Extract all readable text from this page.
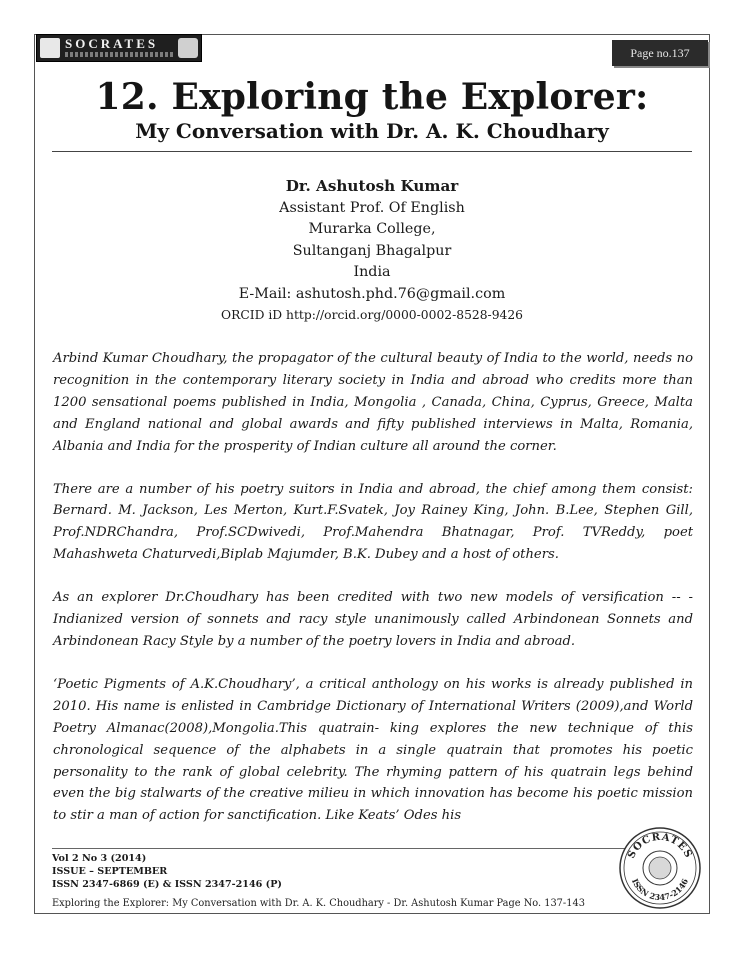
SOCRATES
Page no.137
12. Exploring the Explorer:
My Conversation with Dr. A. K. Choudhary
Dr. Ashutosh Kumar
Assistant Prof. Of English
Murarka College,
Sultanganj Bhagalpur
India
E-Mail: ashutosh.phd.76@gmail.com
ORCID iD http://orcid.org/0000-0002-8528-9426

Arbind Kumar Choudhary, the propagator of the cultural beauty of India to the world, needs no recognition in the contemporary literary society in India and abroad who credits more than 1200 sensational poems published in India, Mongolia , Canada, China, Cyprus, Greece, Malta and England national and global awards and fifty published interviews in Malta, Romania, Albania and India for the prosperity of Indian culture all around the corner.

There are a number of his poetry suitors in India and abroad, the chief among them consist: Bernard. M. Jackson, Les Merton, Kurt.F.Svatek, Joy Rainey King, John. B.Lee, Stephen Gill, Prof.NDRChandra, Prof.SCDwivedi, Prof.Mahendra Bhatnagar, Prof. TVReddy, poet Mahashweta Chaturvedi,Biplab Majumder, B.K. Dubey and a host of others.

As an explorer Dr.Choudhary has been credited with two new models of versification -- - Indianized version of sonnets and racy style unanimously called Arbindonean Sonnets and Arbindonean Racy Style by a number of the poetry lovers in India and abroad.

‘Poetic Pigments of A.K.Choudhary’, a critical anthology on his works is already published in 2010. His name is enlisted in Cambridge Dictionary of International Writers (2009),and World Poetry Almanac(2008),Mongolia.This quatrain- king explores the new technique of this chronological sequence of the alphabets in a single quatrain that promotes his poetic personality to the rank of global celebrity. The rhyming pattern of his quatrain legs behind even the big stalwarts of the creative milieu in which innovation has become his poetic mission to stir a man of action for sanctification. Like Keats’ Odes his

Vol 2 No 3 (2014)
ISSUE – SEPTEMBER
ISSN 2347-6869 (E) & ISSN 2347-2146 (P)
Exploring the Explorer: My Conversation with Dr. A. K. Choudhary - Dr. Ashutosh Kumar Page No. 137-143
SOCRATES
ISSN 2347-2146
